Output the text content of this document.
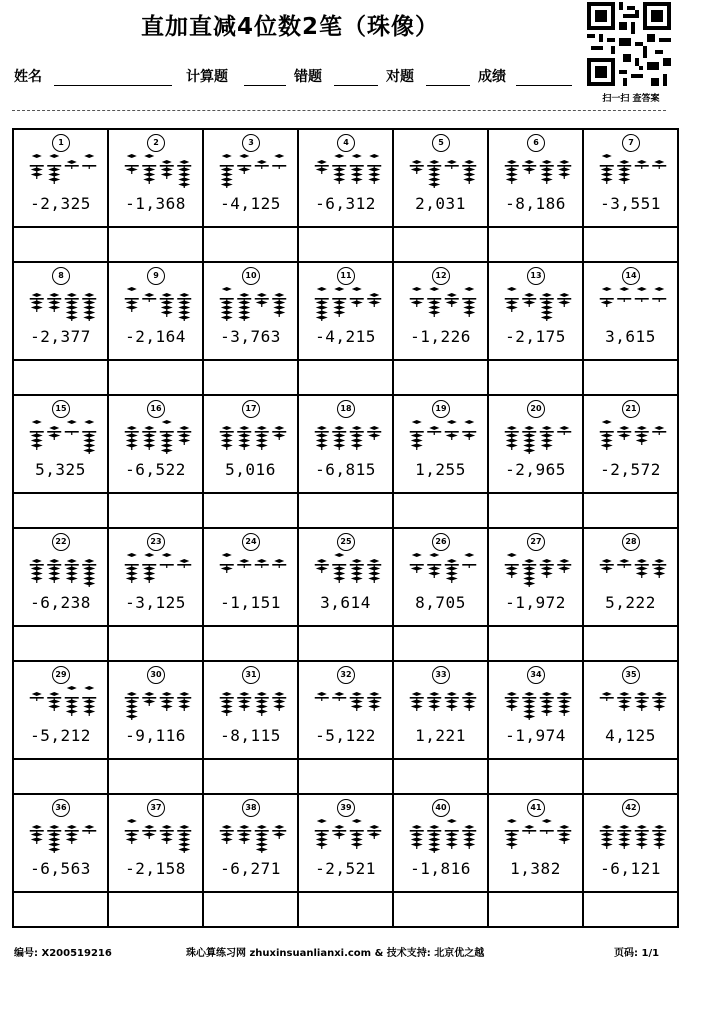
直加直减4位数2笔（珠像）
扫一扫 查答案
姓名	计算题	错题	对题	成绩
1
-2,325
2
-1,368
3
-4,125
4
-6,312
5
2,031
6
-8,186
7
-3,551
8
-2,377
9
-2,164
10
-3,763
11
-4,215
12
-1,226
13
-2,175
14
3,615
15
5,325
16
-6,522
17
5,016
18
-6,815
19
1,255
20
-2,965
21
-2,572
22
-6,238
23
-3,125
24
-1,151
25
3,614
26
8,705
27
-1,972
28
5,222
29
-5,212
30
-9,116
31
-8,115
32
-5,122
33
1,221
34
-1,974
35
4,125
36
-6,563
37
-2,158
38
-6,271
39
-2,521
40
-1,816
41
1,382
42
-6,121
编号: X200519216	珠心算练习网 zhuxinsuanlianxi.com & 技术支持: 北京优之越	页码: 1/1
